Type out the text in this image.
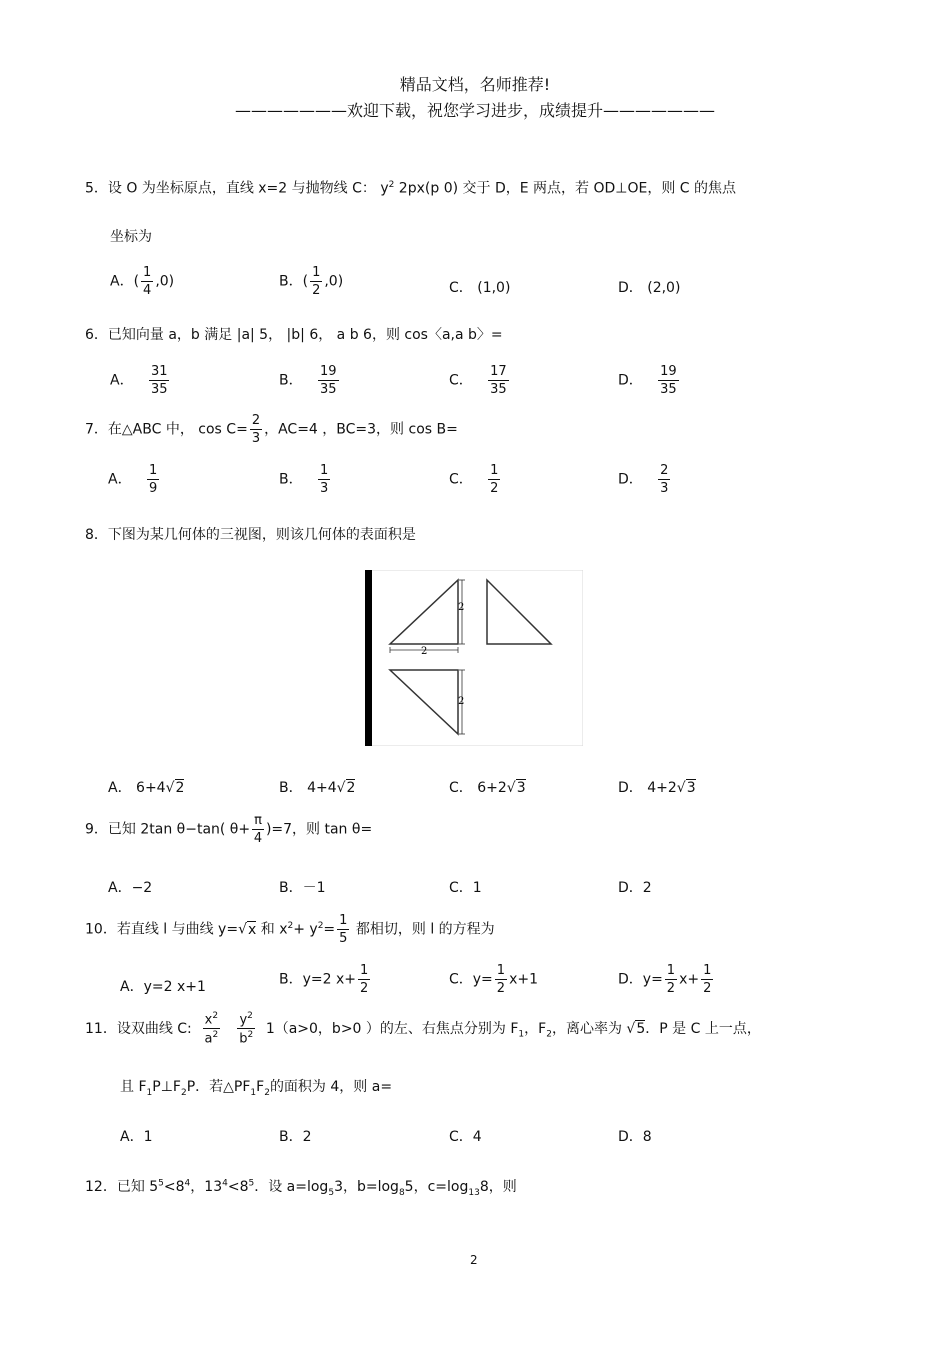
精品文档，名师推荐!
———————欢迎下载，祝您学习进步，成绩提升———————
5．设 O 为坐标原点，直线 x=2 与抛物线 C： $y^2$ 2px(p 0) 交于 D，E 两点，若 OD⊥OE，则 C 的焦点
坐标为
A．( $\frac{1}{4} ,0$)	B．( $\frac{1}{2} ,0$)	C． (1,0)	D． (2,0)
6．已知向量 a，b 满足 |a| 5， |b| 6， a b 6，则 cos〈a,a b〉=
A． $\frac{31}{35}$	B． $\frac{19}{35}$	C． $\frac{17}{35}$	D． $\frac{19}{35}$
7．在△ABC 中， $\cos C= \frac{2}{3}$ ，AC=4 ，BC=3，则 cos B=
A． $\frac{1}{9}$	B． $\frac{1}{3}$	C． $\frac{1}{2}$	D． $\frac{2}{3}$
8．下图为某几何体的三视图，则该几何体的表面积是
2
2
2
A． 6+4√2	B． 4+4√2	C． 6+2√3	D． 4+2√3
9．已知 2tan θ−tan( $\theta+ \frac{\pi}{4} )=7$，则 tan θ=
A．−2	B．－1	C．1	D．2
10．若直线 l 与曲线 y=√x 和 $x^2+ y^2= \frac{1}{5}$ 都相切，则 l 的方程为
A．y=2 x+1	B．y=2 $x+ \frac{1}{2}$	C．$y= \frac{1}{2} x+1$	D．$y= \frac{1}{2} x+ \frac{1}{2}$
11．设双曲线 C: $\frac{x^2}{a^2}$
$\frac{y^2}{b^2} 1(a>0$，b>0 ）的左、右焦点分别为 $F_1$，$F_2$，离心率为 √5．P 是 C 上一点，
且 $F_1P\perp F_2P$．若$\triangle PF_1F_2$的面积为 4，则 a=
A．1	B．2	C．4	D．8
12．已知 $5^5<8^4$，$13^4<8^5$．设 $a=\log_53$，$b=\log_85$，$c=\log_{13}8$，则
2
